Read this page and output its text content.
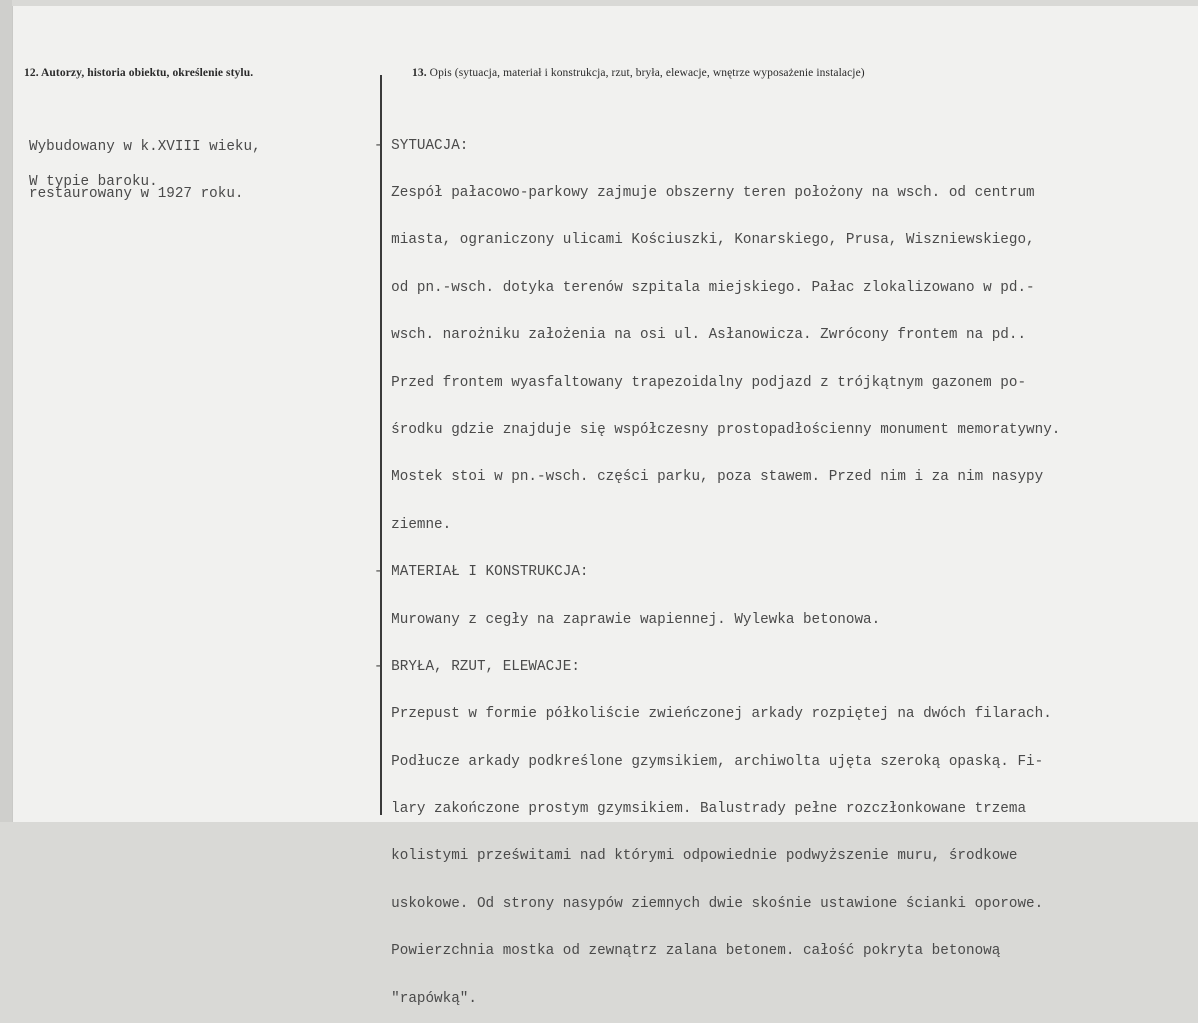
12. Autorzy, historia obiektu, określenie stylu.	13. Opis (sytuacja, materiał i konstrukcja, rzut, bryła, elewacje, wnętrze wyposażenie instalacje)

Wybudowany w k.XVIII wieku,

restaurowany w 1927 roku.

W typie baroku.

- SYTUACJA:

Zespół pałacowo-parkowy zajmuje obszerny teren położony na wsch. od centrum

miasta, ograniczony ulicami Kościuszki, Konarskiego, Prusa, Wiszniewskiego,

od pn.-wsch. dotyka terenów szpitala miejskiego. Pałac zlokalizowano w pd.-

wsch. narożniku założenia na osi ul. Asłanowicza. Zwrócony frontem na pd..

Przed frontem wyasfaltowany trapezoidalny podjazd z trójkątnym gazonem po-

środku gdzie znajduje się współczesny prostopadłościenny monument memoratywny.

Mostek stoi w pn.-wsch. części parku, poza stawem. Przed nim i za nim nasypy

ziemne.

- MATERIAŁ I KONSTRUKCJA:

Murowany z cegły na zaprawie wapiennej. Wylewka betonowa.

- BRYŁA, RZUT, ELEWACJE:

Przepust w formie półkoliście zwieńczonej arkady rozpiętej na dwóch filarach.

Podłucze arkady podkreślone gzymsikiem, archiwolta ujęta szeroką opaską. Fi-

lary zakończone prostym gzymsikiem. Balustrady pełne rozczłonkowane trzema

kolistymi prześwitami nad którymi odpowiednie podwyższenie muru, środkowe

uskokowe. Od strony nasypów ziemnych dwie skośnie ustawione ścianki oporowe.

Powierzchnia mostka od zewnątrz zalana betonem. całość pokryta betonową

"rapówką".
